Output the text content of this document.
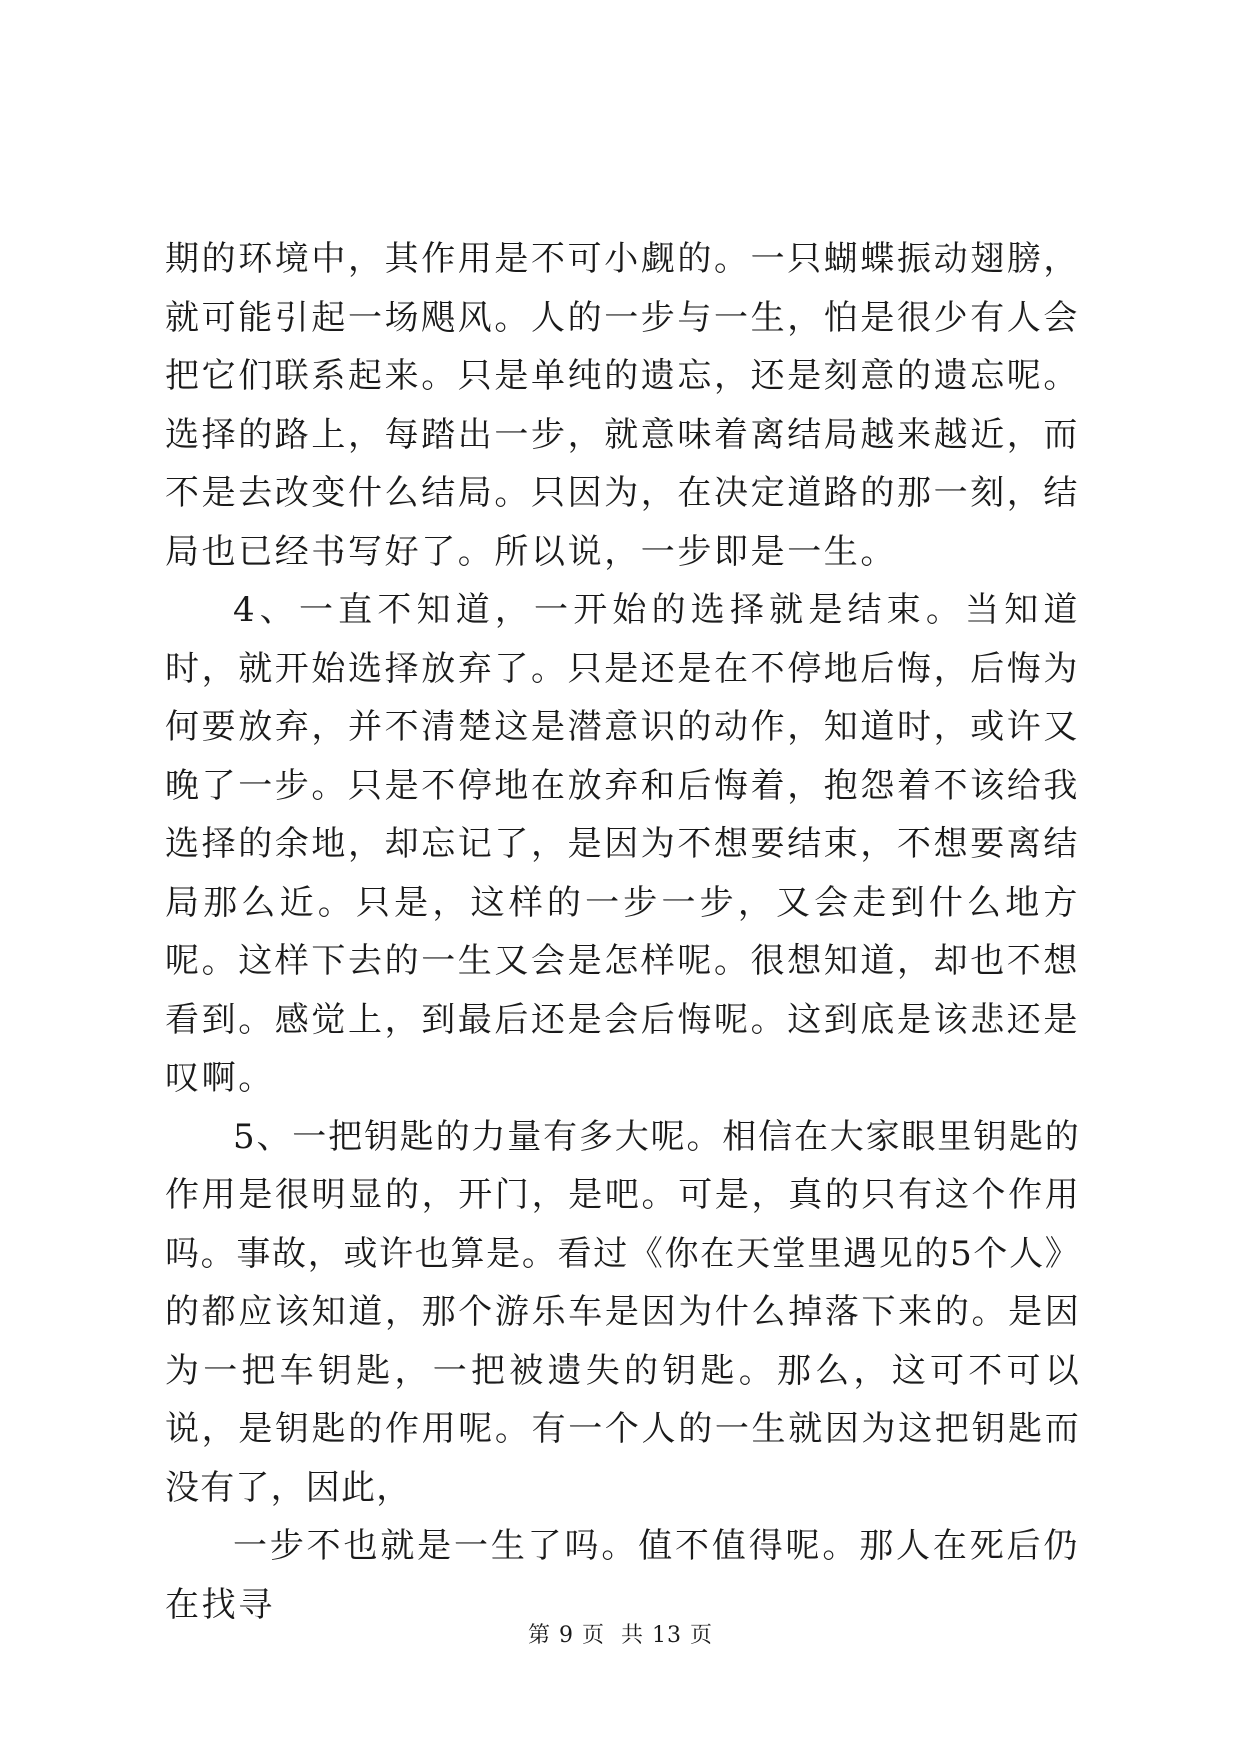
期的环境中，其作用是不可小觑的。一只蝴蝶振动翅膀，就可能引起一场飓风。人的一步与一生，怕是很少有人会把它们联系起来。只是单纯的遗忘，还是刻意的遗忘呢。选择的路上，每踏出一步，就意味着离结局越来越近，而不是去改变什么结局。只因为，在决定道路的那一刻，结局也已经书写好了。所以说，一步即是一生。

4、一直不知道，一开始的选择就是结束。当知道时，就开始选择放弃了。只是还是在不停地后悔，后悔为何要放弃，并不清楚这是潜意识的动作，知道时，或许又晚了一步。只是不停地在放弃和后悔着，抱怨着不该给我选择的余地，却忘记了，是因为不想要结束，不想要离结局那么近。只是，这样的一步一步，又会走到什么地方呢。这样下去的一生又会是怎样呢。很想知道，却也不想看到。感觉上，到最后还是会后悔呢。这到底是该悲还是叹啊。

5、一把钥匙的力量有多大呢。相信在大家眼里钥匙的作用是很明显的，开门，是吧。可是，真的只有这个作用吗。事故，或许也算是。看过《你在天堂里遇见的5个人》的都应该知道，那个游乐车是因为什么掉落下来的。是因为一把车钥匙，一把被遗失的钥匙。那么，这可不可以说，是钥匙的作用呢。有一个人的一生就因为这把钥匙而没有了，因此，

一步不也就是一生了吗。值不值得呢。那人在死后仍在找寻

第 9 页  共 13 页
